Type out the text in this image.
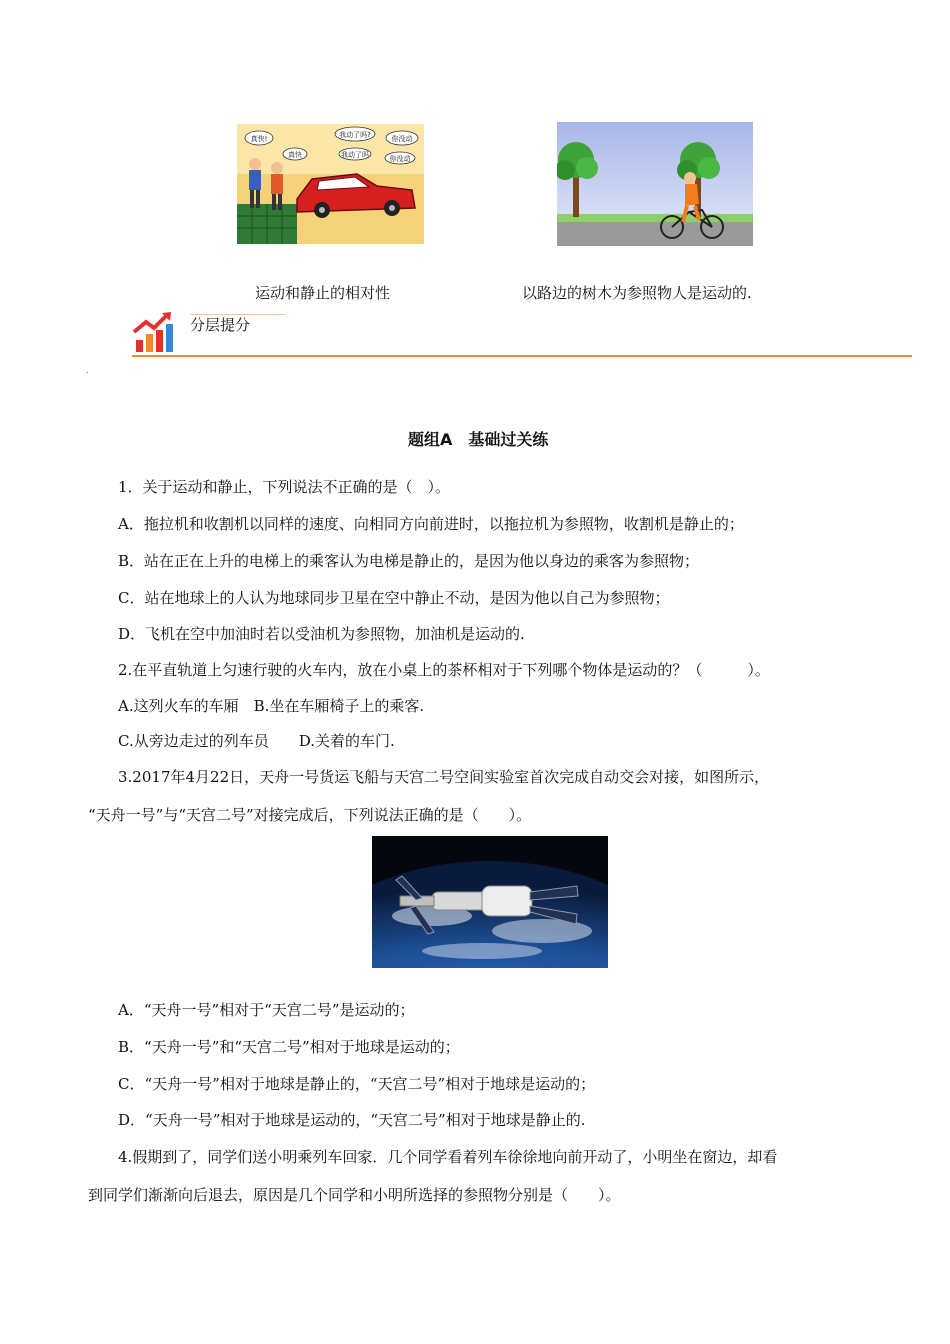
真快!	我动了吗?	你没动
我动了吗	你没动
真快
运动和静止的相对性	以路边的树木为参照物人是运动的.
分层提分
.
题组A　基础过关练
1．关于运动和静止，下列说法不正确的是（　）。
A．拖拉机和收割机以同样的速度、向相同方向前进时，以拖拉机为参照物，收割机是静止的；
B．站在正在上升的电梯上的乘客认为电梯是静止的，是因为他以身边的乘客为参照物；
C．站在地球上的人认为地球同步卫星在空中静止不动，是因为他以自己为参照物；
D．飞机在空中加油时若以受油机为参照物，加油机是运动的.
2.在平直轨道上匀速行驶的火车内，放在小桌上的茶杯相对于下列哪个物体是运动的？（　　　）。
A.这列火车的车厢　B.坐在车厢椅子上的乘客.
C.从旁边走过的列车员　　D.关着的车门.
3.2017年4月22日，天舟一号货运飞船与天宫二号空间实验室首次完成自动交会对接，如图所示，
“天舟一号”与“天宫二号”对接完成后，下列说法正确的是（　　）。
A．“天舟一号”相对于“天宫二号”是运动的；
B．“天舟一号”和“天宫二号”相对于地球是运动的；
C．“天舟一号”相对于地球是静止的，“天宫二号”相对于地球是运动的；
D．“天舟一号”相对于地球是运动的，“天宫二号”相对于地球是静止的.
4.假期到了，同学们送小明乘列车回家．几个同学看着列车徐徐地向前开动了，小明坐在窗边，却看
到同学们渐渐向后退去，原因是几个同学和小明所选择的参照物分别是（　　）。
